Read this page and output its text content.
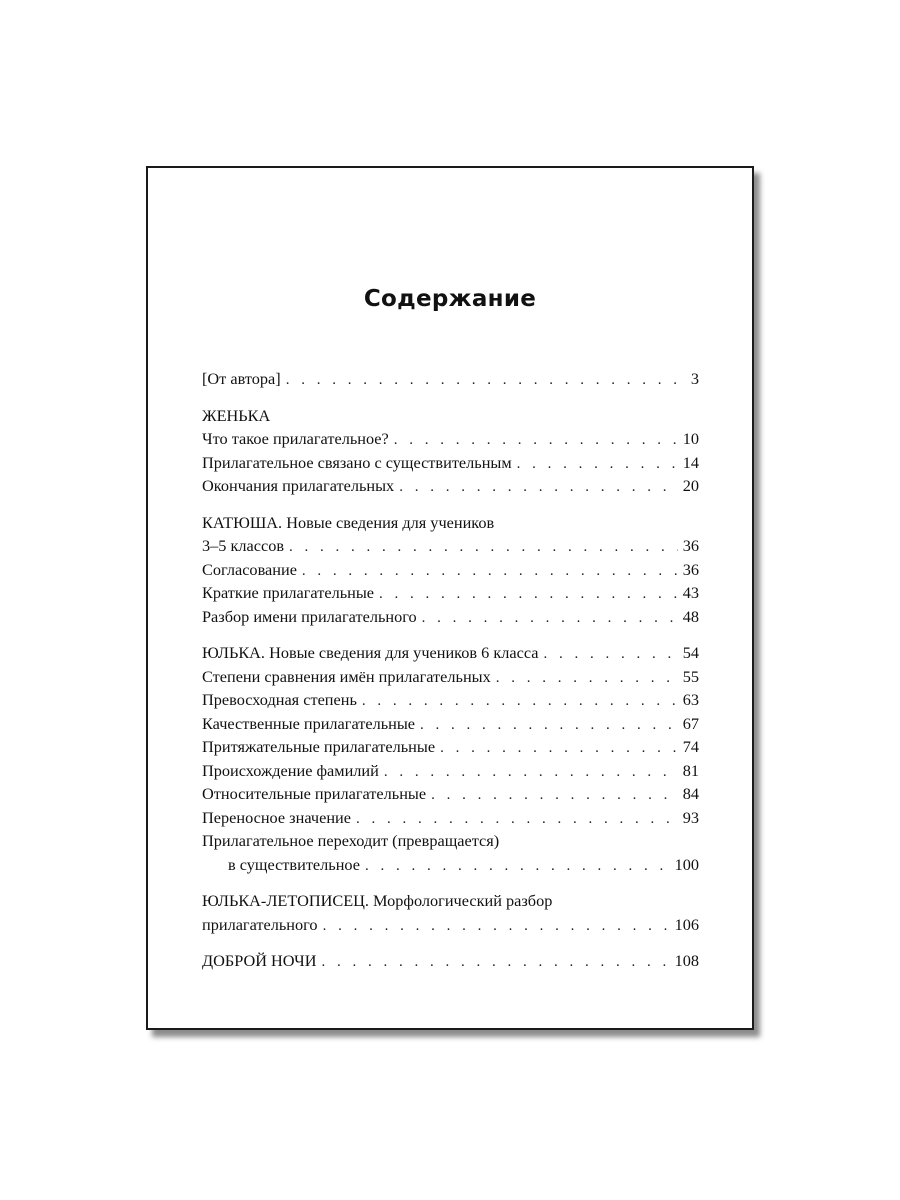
Содержание
[От автора] . . .	3
ЖЕНЬКА
Что такое прилагательное? . . .	10
Прилагательное связано с существительным . . .	14
Окончания прилагательных . . .	20
КАТЮША. Новые сведения для учеников
3–5 классов . . .	36
Согласование . . .	36
Краткие прилагательные . . .	43
Разбор имени прилагательного . . .	48
ЮЛЬКА. Новые сведения для учеников 6 класса . . .	54
Степени сравнения имён прилагательных . . .	55
Превосходная степень . . .	63
Качественные прилагательные . . .	67
Притяжательные прилагательные . . .	74
Происхождение фамилий . . .	81
Относительные прилагательные . . .	84
Переносное значение . . .	93
Прилагательное переходит (превращается)
в существительное . . .	100
ЮЛЬКА-ЛЕТОПИСЕЦ. Морфологический разбор
прилагательного . . .	106
ДОБРОЙ НОЧИ . . .	108
